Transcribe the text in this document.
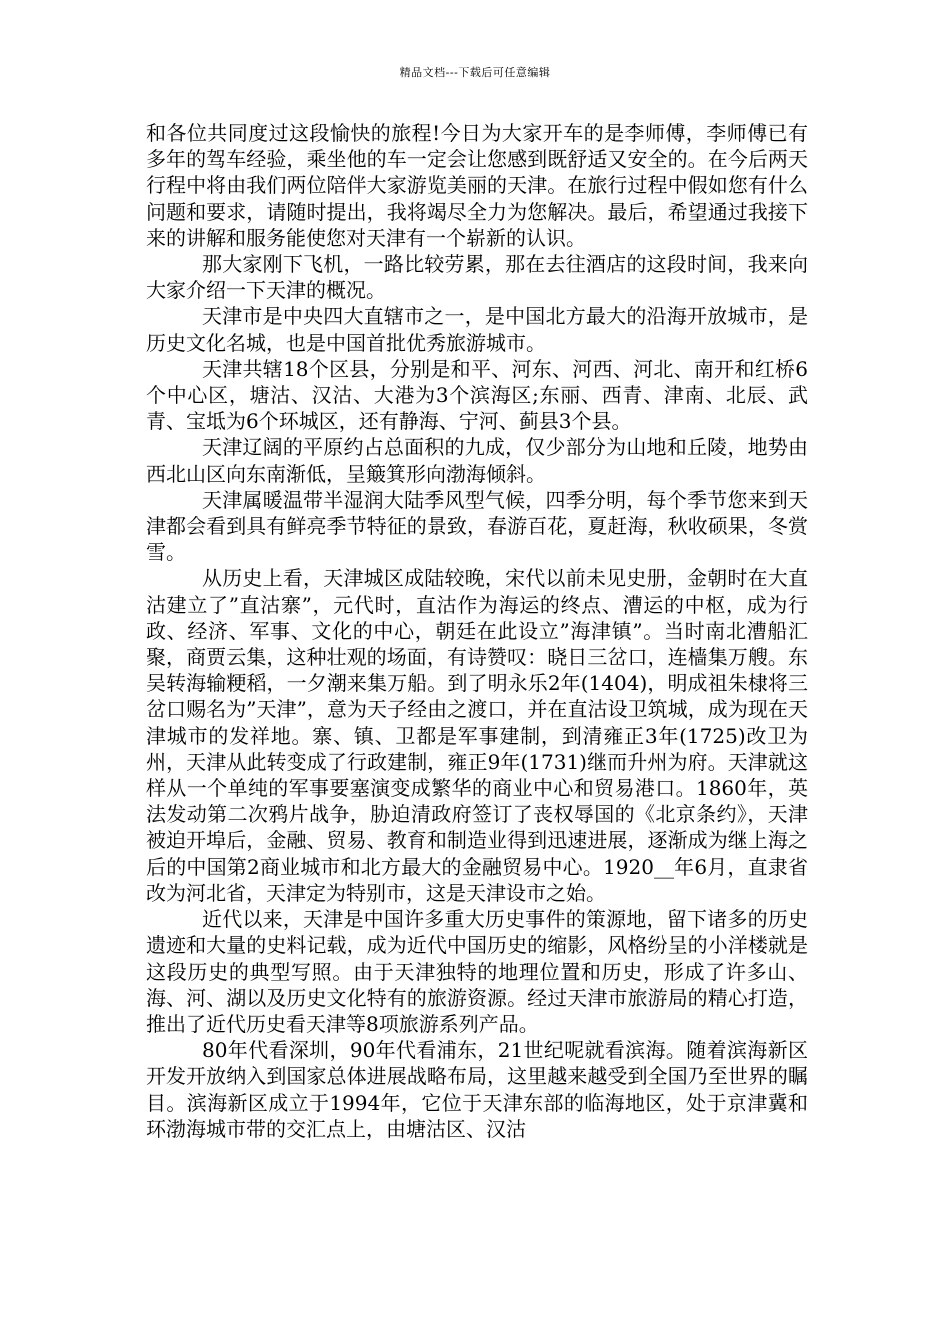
精品文档---下载后可任意编辑

和各位共同度过这段愉快的旅程!今日为大家开车的是李师傅，李师傅已有多年的驾车经验，乘坐他的车一定会让您感到既舒适又安全的。在今后两天行程中将由我们两位陪伴大家游览美丽的天津。在旅行过程中假如您有什么问题和要求，请随时提出，我将竭尽全力为您解决。最后，希望通过我接下来的讲解和服务能使您对天津有一个崭新的认识。

那大家刚下飞机，一路比较劳累，那在去往酒店的这段时间，我来向大家介绍一下天津的概况。

天津市是中央四大直辖市之一，是中国北方最大的沿海开放城市，是历史文化名城，也是中国首批优秀旅游城市。

天津共辖18个区县，分别是和平、河东、河西、河北、南开和红桥6个中心区，塘沽、汉沽、大港为3个滨海区;东丽、西青、津南、北辰、武青、宝坻为6个环城区，还有静海、宁河、蓟县3个县。

天津辽阔的平原约占总面积的九成，仅少部分为山地和丘陵，地势由西北山区向东南渐低，呈簸箕形向渤海倾斜。

天津属暖温带半湿润大陆季风型气候，四季分明，每个季节您来到天津都会看到具有鲜亮季节特征的景致，春游百花，夏赶海，秋收硕果，冬赏雪。

从历史上看，天津城区成陆较晚，宋代以前未见史册，金朝时在大直沽建立了”直沽寨”，元代时，直沽作为海运的终点、漕运的中枢，成为行政、经济、军事、文化的中心，朝廷在此设立”海津镇”。当时南北漕船汇聚，商贾云集，这种壮观的场面，有诗赞叹：晓日三岔口，连樯集万艘。东吴转海输粳稻，一夕潮来集万船。到了明永乐2年(1404)，明成祖朱棣将三岔口赐名为”天津”，意为天子经由之渡口，并在直沽设卫筑城，成为现在天津城市的发祥地。寨、镇、卫都是军事建制，到清雍正3年(1725)改卫为州，天津从此转变成了行政建制，雍正9年(1731)继而升州为府。天津就这样从一个单纯的军事要塞演变成繁华的商业中心和贸易港口。1860年，英法发动第二次鸦片战争，胁迫清政府签订了丧权辱国的《北京条约》，天津被迫开埠后，金融、贸易、教育和制造业得到迅速进展，逐渐成为继上海之后的中国第2商业城市和北方最大的金融贸易中心。1920__年6月，直隶省改为河北省，天津定为特别市，这是天津设市之始。

近代以来，天津是中国许多重大历史事件的策源地，留下诸多的历史遗迹和大量的史料记载，成为近代中国历史的缩影，风格纷呈的小洋楼就是这段历史的典型写照。由于天津独特的地理位置和历史，形成了许多山、海、河、湖以及历史文化特有的旅游资源。经过天津市旅游局的精心打造，推出了近代历史看天津等8项旅游系列产品。

80年代看深圳，90年代看浦东，21世纪呢就看滨海。随着滨海新区开发开放纳入到国家总体进展战略布局，这里越来越受到全国乃至世界的瞩目。滨海新区成立于1994年，它位于天津东部的临海地区，处于京津冀和环渤海城市带的交汇点上，由塘沽区、汉沽
